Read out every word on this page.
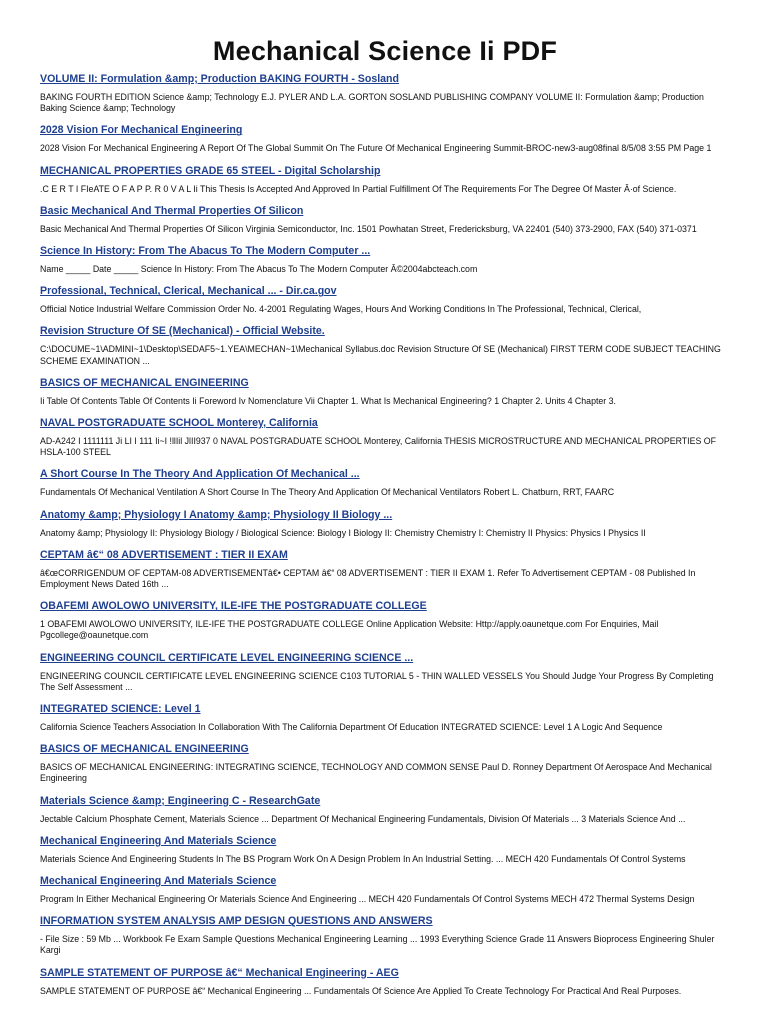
Mechanical Science Ii PDF
VOLUME II: Formulation &amp; Production BAKING FOURTH - Sosland

BAKING FOURTH EDITION Science &amp; Technology E.J. PYLER AND L.A. GORTON SOSLAND PUBLISHING COMPANY VOLUME II: Formulation &amp; Production Baking Science &amp; Technology

2028 Vision For Mechanical Engineering

2028 Vision For Mechanical Engineering A Report Of The Global Summit On The Future Of Mechanical Engineering Summit-BROC-new3-aug08final 8/5/08 3:55 PM Page 1

MECHANICAL PROPERTIES GRADE 65 STEEL - Digital Scholarship

.C E R T I FIeATE O F A P P. R 0 V A L Ii This Thesis Is Accepted And Approved In Partial Fulfillment Of The Requirements For The Degree Of Master Â·of Science.

Basic Mechanical And Thermal Properties Of Silicon

Basic Mechanical And Thermal Properties Of Silicon Virginia Semiconductor, Inc. 1501 Powhatan Street, Fredericksburg, VA 22401 (540) 373-2900, FAX (540) 371-0371

Science In History: From The Abacus To The Modern Computer ...

Name _____ Date _____ Science In History: From The Abacus To The Modern Computer Â©2004abcteach.com

Professional, Technical, Clerical, Mechanical ... - Dir.ca.gov

Official Notice Industrial Welfare Commission Order No. 4-2001 Regulating Wages, Hours And Working Conditions In The Professional, Technical, Clerical,

Revision Structure Of SE (Mechanical) - Official Website.

C:\DOCUME~1\ADMINI~1\Desktop\SEDAF5~1.YEA\MECHAN~1\Mechanical Syllabus.doc Revision Structure Of SE (Mechanical) FIRST TERM CODE SUBJECT TEACHING SCHEME EXAMINATION ...

BASICS OF MECHANICAL ENGINEERING

Ii Table Of Contents Table Of Contents Ii Foreword Iv Nomenclature Vii Chapter 1. What Is Mechanical Engineering? 1 Chapter 2. Units 4 Chapter 3.

NAVAL POSTGRADUATE SCHOOL Monterey, California

AD-A242 I 1111111 Ji LI I 111 Ii~I !llIil JlII937 0 NAVAL POSTGRADUATE SCHOOL Monterey, California THESIS MICROSTRUCTURE AND MECHANICAL PROPERTIES OF HSLA-100 STEEL

A Short Course In The Theory And Application Of Mechanical ...

Fundamentals Of Mechanical Ventilation A Short Course In The Theory And Application Of Mechanical Ventilators Robert L. Chatburn, RRT, FAARC

Anatomy &amp; Physiology I Anatomy &amp; Physiology II Biology ...

Anatomy &amp; Physiology II: Physiology Biology / Biological Science: Biology I Biology II: Chemistry Chemistry I: Chemistry II Physics: Physics I Physics II

CEPTAM â€“ 08 ADVERTISEMENT : TIER II EXAM

â€œCORRIGENDUM OF CEPTAM-08 ADVERTISEMENTâ€• CEPTAM â€“ 08 ADVERTISEMENT : TIER II EXAM 1. Refer To Advertisement CEPTAM - 08 Published In Employment News Dated 16th ...

OBAFEMI AWOLOWO UNIVERSITY, ILE-IFE THE POSTGRADUATE COLLEGE

1 OBAFEMI AWOLOWO UNIVERSITY, ILE-IFE THE POSTGRADUATE COLLEGE Online Application Website: Http://apply.oaunetque.com For Enquiries, Mail Pgcollege@oaunetque.com

ENGINEERING COUNCIL CERTIFICATE LEVEL ENGINEERING SCIENCE ...

ENGINEERING COUNCIL CERTIFICATE LEVEL ENGINEERING SCIENCE C103 TUTORIAL 5 - THIN WALLED VESSELS You Should Judge Your Progress By Completing The Self Assessment ...

INTEGRATED SCIENCE: Level 1

California Science Teachers Association In Collaboration With The California Department Of Education INTEGRATED SCIENCE: Level 1 A Logic And Sequence

BASICS OF MECHANICAL ENGINEERING

BASICS OF MECHANICAL ENGINEERING: INTEGRATING SCIENCE, TECHNOLOGY AND COMMON SENSE Paul D. Ronney Department Of Aerospace And Mechanical Engineering

Materials Science &amp; Engineering C - ResearchGate

Jectable Calcium Phosphate Cement, Materials Science ... Department Of Mechanical Engineering Fundamentals, Division Of Materials ... 3 Materials Science And ...

Mechanical Engineering And Materials Science

Materials Science And Engineering Students In The BS Program Work On A Design Problem In An Industrial Setting. ... MECH 420 Fundamentals Of Control Systems

Mechanical Engineering And Materials Science

Program In Either Mechanical Engineering Or Materials Science And Engineering ... MECH 420 Fundamentals Of Control Systems MECH 472 Thermal Systems Design

INFORMATION SYSTEM ANALYSIS AMP DESIGN QUESTIONS AND ANSWERS

- File Size : 59 Mb ... Workbook Fe Exam Sample Questions Mechanical Engineering Learning ... 1993 Everything Science Grade 11 Answers Bioprocess Engineering Shuler Kargi

SAMPLE STATEMENT OF PURPOSE â€“ Mechanical Engineering - AEG

SAMPLE STATEMENT OF PURPOSE â€“ Mechanical Engineering ... Fundamentals Of Science Are Applied To Create Technology For Practical And Real Purposes.
